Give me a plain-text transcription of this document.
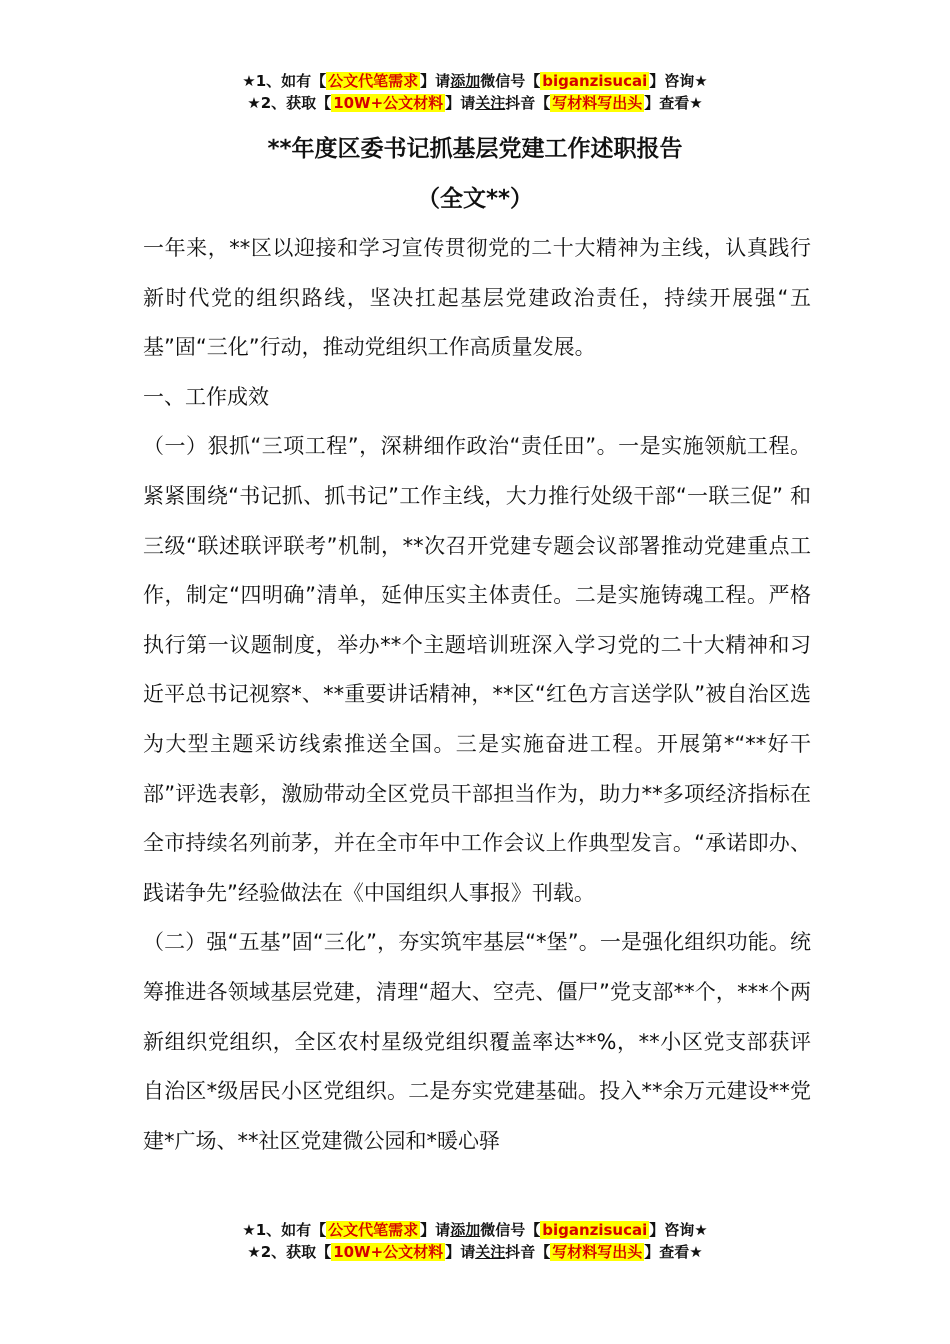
★1、如有【 公文代笔需求 】请添加微信号【 biganzisucai 】咨询★
★2、获取【 10W+公文材料 】请关注抖音【 写材料写出头 】查看★
**年度区委书记抓基层党建工作述职报告
（全文**）

一年来，**区以迎接和学习宣传贯彻党的二十大精神为主线，认真践行新时代党的组织路线，坚决扛起基层党建政治责任，持续开展强“五基”固“三化”行动，推动党组织工作高质量发展。

一、工作成效

（一）狠抓“三项工程”，深耕细作政治“责任田”。一是实施领航工程。紧紧围绕“书记抓、抓书记”工作主线，大力推行处级干部“一联三促” 和三级“联述联评联考”机制，**次召开党建专题会议部署推动党建重点工作，制定“四明确”清单，延伸压实主体责任。二是实施铸魂工程。严格执行第一议题制度，举办**个主题培训班深入学习党的二十大精神和习近平总书记视察*、**重要讲话精神，**区“红色方言送学队”被自治区选为大型主题采访线索推送全国。三是实施奋进工程。开展第*“**好干部”评选表彰，激励带动全区党员干部担当作为，助力**多项经济指标在全市持续名列前茅，并在全市年中工作会议上作典型发言。“承诺即办、践诺争先”经验做法在《中国组织人事报》刊载。

（二）强“五基”固“三化”，夯实筑牢基层“*堡”。一是强化组织功能。统筹推进各领域基层党建，清理“超大、空壳、僵尸”党支部**个，***个两新组织党组织，全区农村星级党组织覆盖率达**%，**小区党支部获评自治区*级居民小区党组织。二是夯实党建基础。投入**余万元建设**党建*广场、**社区党建微公园和*暖心驿

★1、如有【 公文代笔需求 】请添加微信号【 biganzisucai 】咨询★
★2、获取【 10W+公文材料 】请关注抖音【 写材料写出头 】查看★
